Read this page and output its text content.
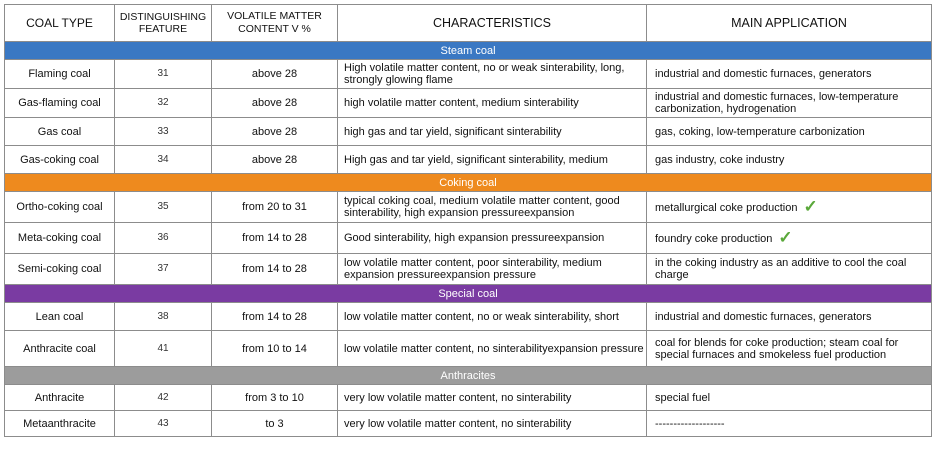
COAL TYPE	DISTINGUISHING FEATURE	VOLATILE MATTER CONTENT V %	CHARACTERISTICS	MAIN APPLICATION
Steam coal				
Flaming coal	31	above 28	High volatile matter content, no or weak sinterability, long, strongly glowing flame	industrial and domestic furnaces, generators
Gas-flaming coal	32	above 28	high volatile matter content, medium sinterability	industrial and domestic furnaces, low-temperature carbonization, hydrogenation
Gas coal	33	above 28	high gas and tar yield, significant sinterability	gas, coking, low-temperature carbonization
Gas-coking coal	34	above 28	High gas and tar yield, significant sinterability, medium	gas industry, coke industry
Coking coal				
Ortho-coking coal	35	from 20 to 31	typical coking coal, medium volatile matter content, good sinterability, high expansion pressureexpansion	metallurgical coke production ✓
Meta-coking coal	36	from 14 to 28	Good sinterability, high expansion pressureexpansion	foundry coke production ✓
Semi-coking coal	37	from 14 to 28	low volatile matter content, poor sinterability, medium expansion pressureexpansion pressure	in the coking industry as an additive to cool the coal charge
Special coal				
Lean coal	38	from 14 to 28	low volatile matter content, no or weak sinterability, short	industrial and domestic furnaces, generators
Anthracite coal	41	from 10 to 14	low volatile matter content, no sinterabilityexpansion pressure	coal for blends for coke production; steam coal for special furnaces and smokeless fuel production
Anthracites				
Anthracite	42	from 3 to 10	very low volatile matter content, no sinterability	special fuel
Metaanthracite	43	to 3	very low volatile matter content, no sinterability	-------------------
